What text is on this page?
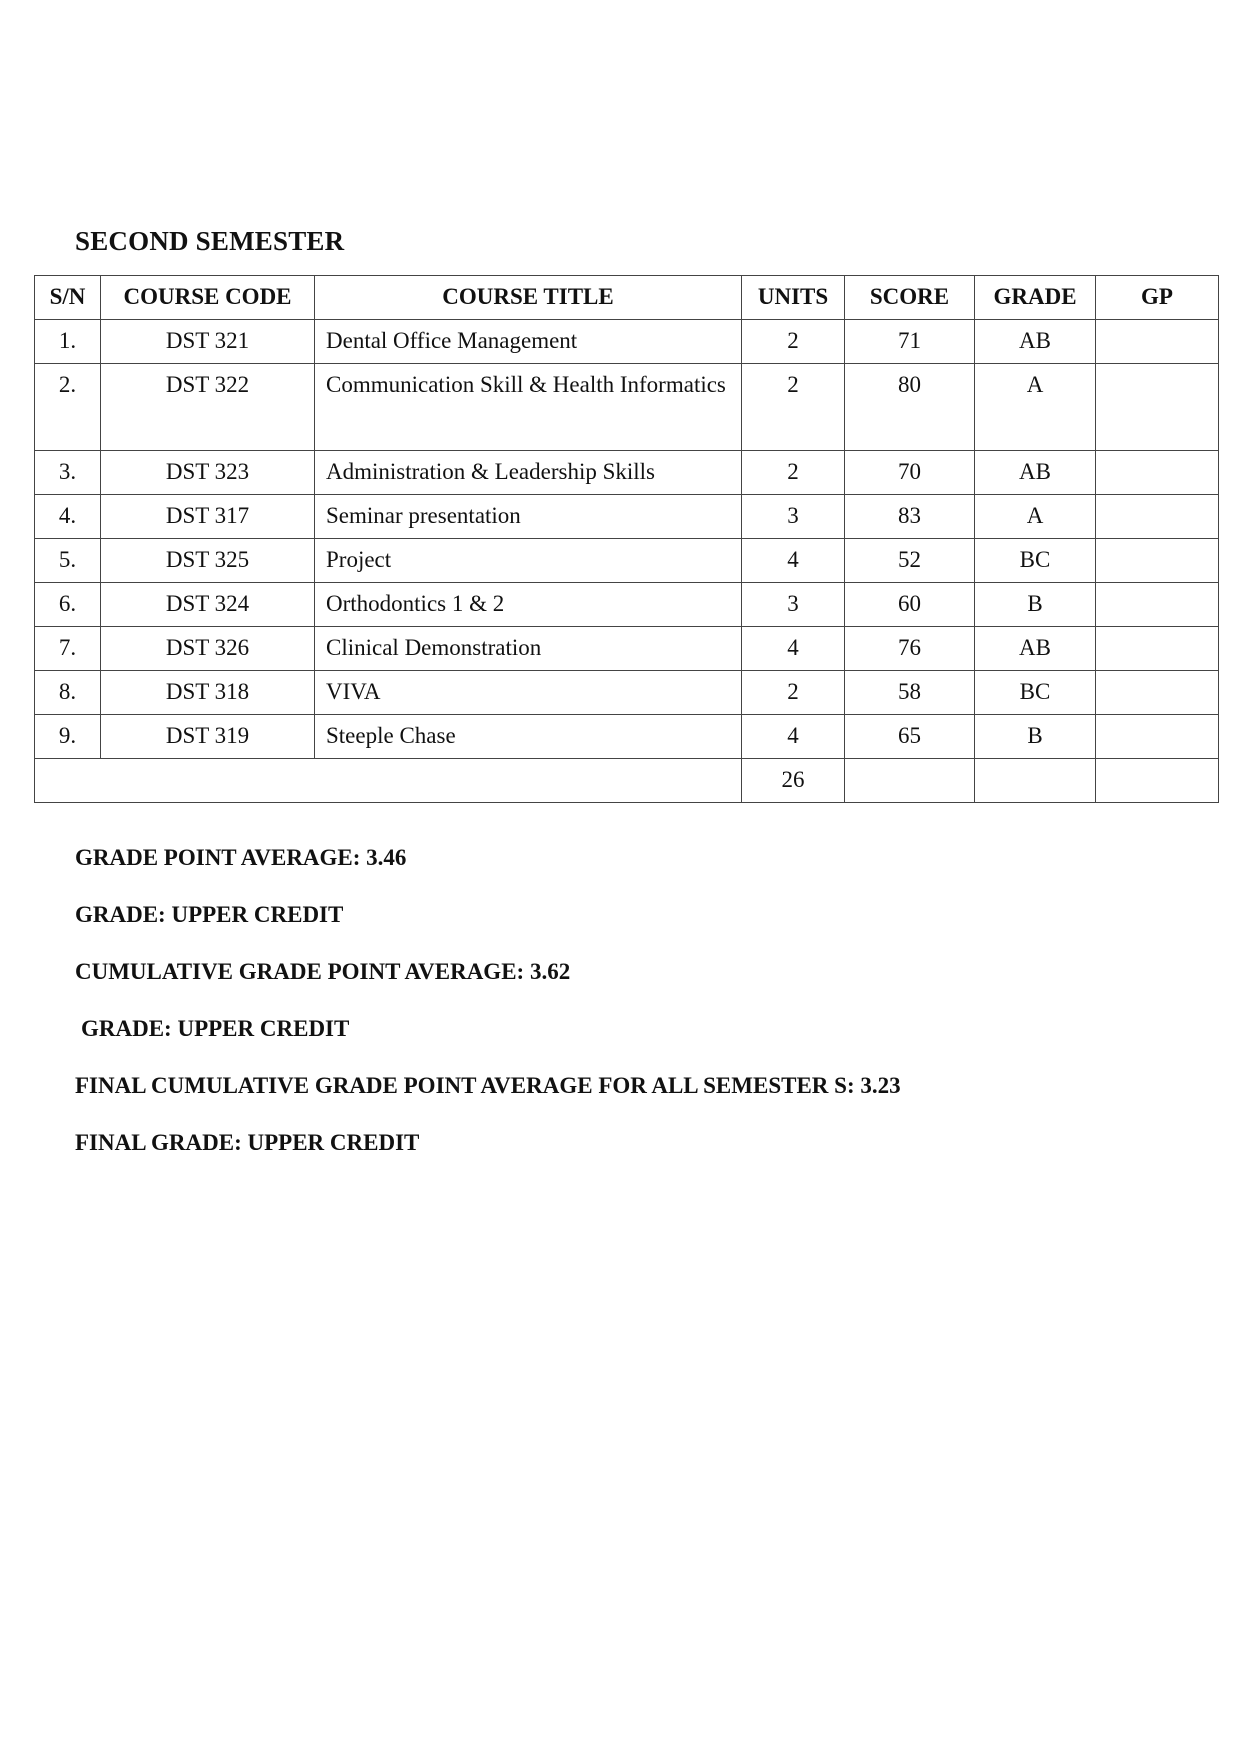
SECOND SEMESTER
S/N	COURSE CODE	COURSE TITLE	UNITS	SCORE	GRADE	GP
1.	DST 321	Dental Office Management	2	71	AB	
2.	DST 322	Communication Skill & Health Informatics	2	80	A	
3.	DST 323	Administration & Leadership Skills	2	70	AB	
4.	DST 317	Seminar presentation	3	83	A	
5.	DST 325	Project	4	52	BC	
6.	DST 324	Orthodontics 1 & 2	3	60	B	
7.	DST 326	Clinical Demonstration	4	76	AB	
8.	DST 318	VIVA	2	58	BC	
9.	DST 319	Steeple Chase	4	65	B	
			26			

GRADE POINT AVERAGE: 3.46

GRADE: UPPER CREDIT

CUMULATIVE GRADE POINT AVERAGE: 3.62

GRADE: UPPER CREDIT

FINAL CUMULATIVE GRADE POINT AVERAGE FOR ALL SEMESTER S: 3.23

FINAL GRADE: UPPER CREDIT
